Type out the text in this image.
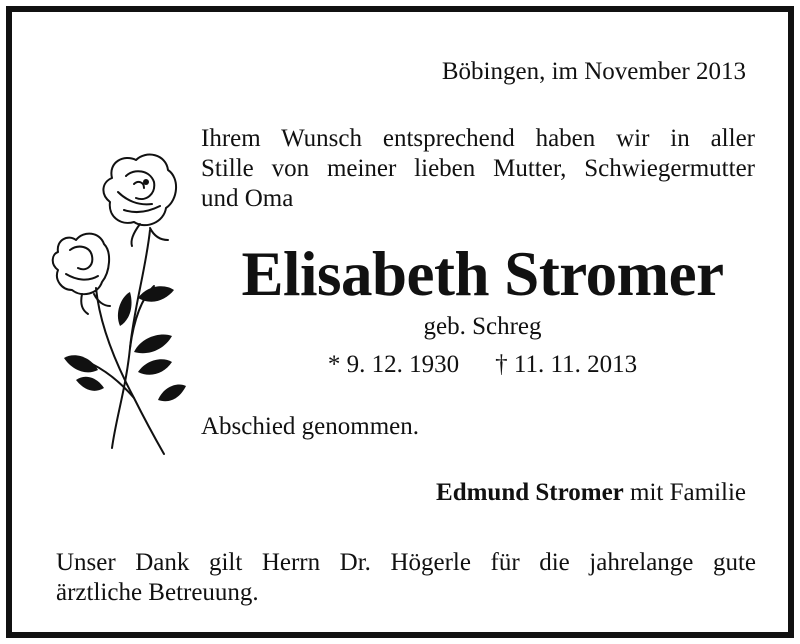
Böbingen, im November 2013
Ihrem Wunsch entsprechend haben wir in aller
Stille von meiner lieben Mutter, Schwiegermutter
und Oma
Elisabeth Stromer
geb. Schreg
* 9. 12. 1930 † 11. 11. 2013
Abschied genommen.
Edmund Stromer mit Familie
Unser Dank gilt Herrn Dr. Högerle für die jahrelange gute
ärztliche Betreuung.
